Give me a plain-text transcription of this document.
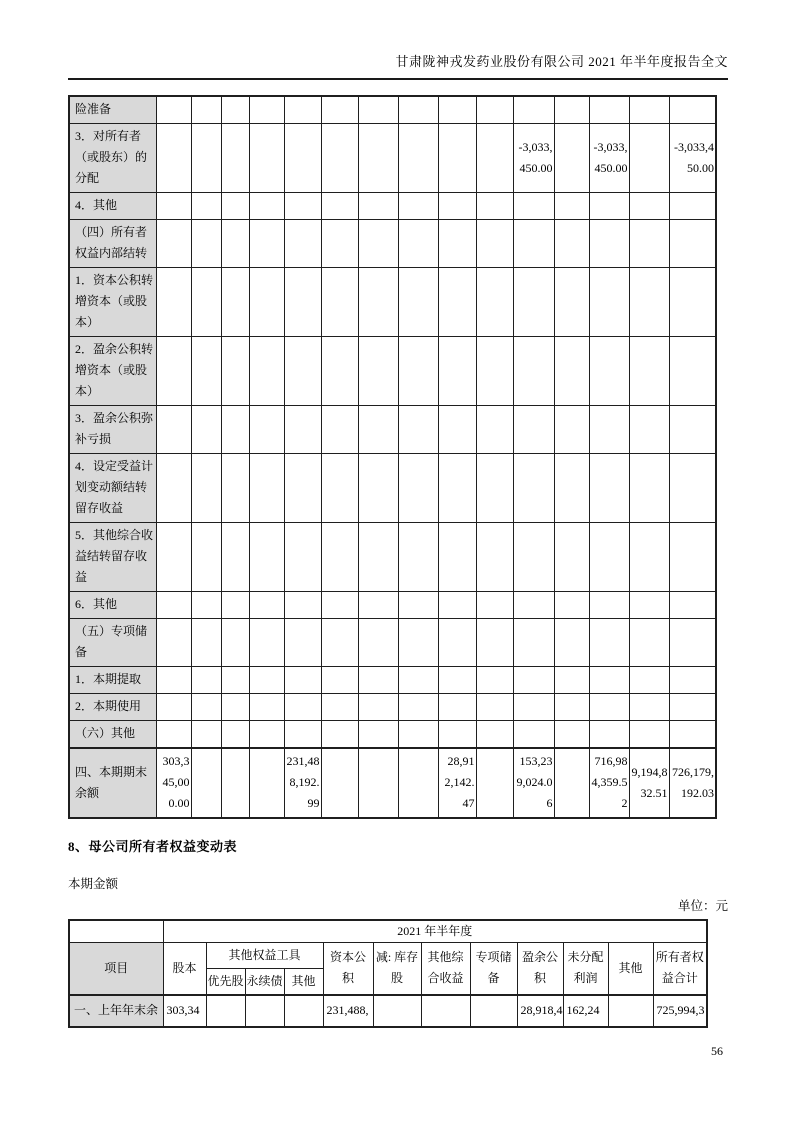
甘肃陇神戎发药业股份有限公司 2021 年半年度报告全文
险准备															
3．对所有者（或股东）的分配											-3,033,450.00		-3,033,450.00		-3,033,450.00
4．其他															
（四）所有者权益内部结转															
1．资本公积转增资本（或股本）															
2．盈余公积转增资本（或股本）															
3．盈余公积弥补亏损															
4．设定受益计划变动额结转留存收益															
5．其他综合收益结转留存收益															
6．其他															
（五）专项储备															
1．本期提取															
2．本期使用															
（六）其他															
四、本期期末余额	303,345,000.00				231,488,192.99				28,912,142.47		153,239,024.06		716,984,359.52	9,194,832.51	726,179,192.03
8、母公司所有者权益变动表
本期金额
单位：元
	2021 年半年度											
项目	股本	其他权益工具			资本公积	减: 库存股	其他综合收益	专项储备	盈余公积	未分配利润	其他	所有者权益合计
		优先股	永续债	其他								
一、上年年末余	303,34				231,488,				28,918,4	162,24		725,994,3
56
